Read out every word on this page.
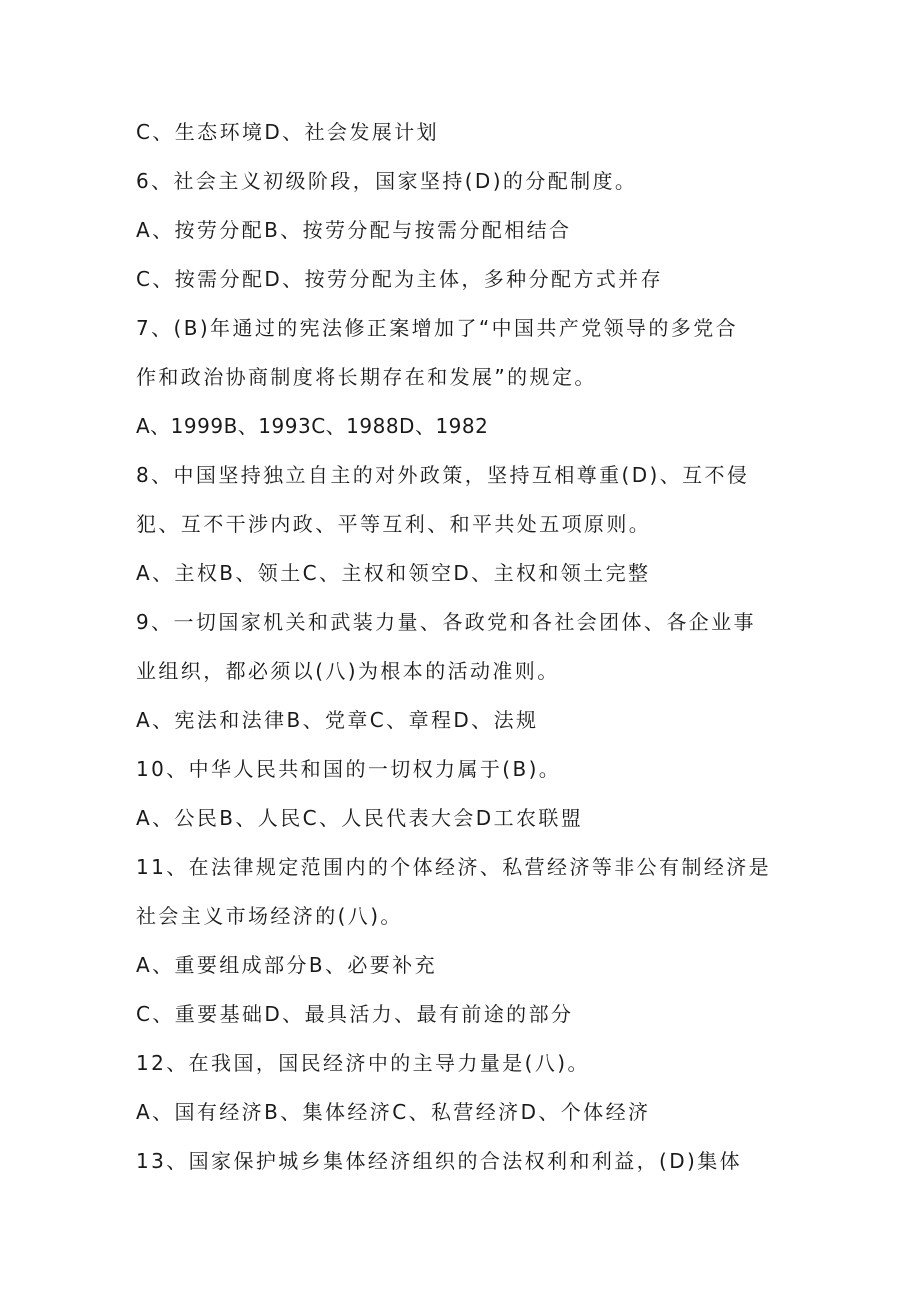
C、生态环境D、社会发展计划
6、社会主义初级阶段，国家坚持(D)的分配制度。
A、按劳分配B、按劳分配与按需分配相结合
C、按需分配D、按劳分配为主体，多种分配方式并存
7、(B)年通过的宪法修正案增加了“中国共产党领导的多党合
作和政治协商制度将长期存在和发展”的规定。
A、1999B、1993C、1988D、1982
8、中国坚持独立自主的对外政策，坚持互相尊重(D)、互不侵
犯、互不干涉内政、平等互利、和平共处五项原则。
A、主权B、领土C、主权和领空D、主权和领土完整
9、一切国家机关和武装力量、各政党和各社会团体、各企业事
业组织，都必须以(八)为根本的活动准则。
A、宪法和法律B、党章C、章程D、法规
10、中华人民共和国的一切权力属于(B)。
A、公民B、人民C、人民代表大会D工农联盟
11、在法律规定范围内的个体经济、私营经济等非公有制经济是
社会主义市场经济的(八)。
A、重要组成部分B、必要补充
C、重要基础D、最具活力、最有前途的部分
12、在我国，国民经济中的主导力量是(八)。
A、国有经济B、集体经济C、私营经济D、个体经济
13、国家保护城乡集体经济组织的合法权利和利益，(D)集体
